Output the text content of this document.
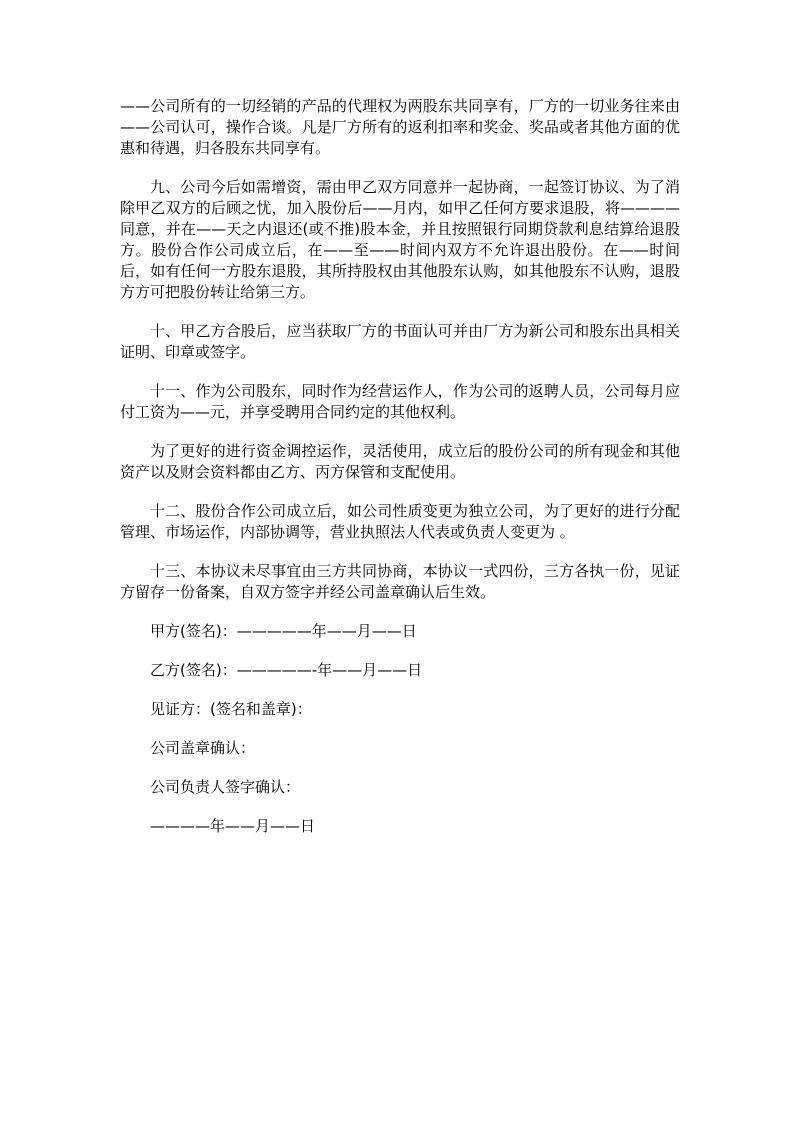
——公司所有的一切经销的产品的代理权为两股东共同享有，厂方的一切业务往来由——公司认可，操作合谈。凡是厂方所有的返利扣率和奖金、奖品或者其他方面的优惠和待遇，归各股东共同享有。

九、公司今后如需增资，需由甲乙双方同意并一起协商，一起签订协议、为了消除甲乙双方的后顾之忧，加入股份后——月内，如甲乙任何方要求退股，将————同意，并在——天之内退还(或不推)股本金，并且按照银行同期贷款利息结算给退股方。股份合作公司成立后，在——至——时间内双方不允许退出股份。在——时间后，如有任何一方股东退股，其所持股权由其他股东认购，如其他股东不认购，退股方方可把股份转让给第三方。

十、甲乙方合股后，应当获取厂方的书面认可并由厂方为新公司和股东出具相关证明、印章或签字。

十一、作为公司股东，同时作为经营运作人，作为公司的返聘人员，公司每月应付工资为——元，并享受聘用合同约定的其他权利。

为了更好的进行资金调控运作，灵活使用，成立后的股份公司的所有现金和其他资产以及财会资料都由乙方、丙方保管和支配使用。

十二、股份合作公司成立后，如公司性质变更为独立公司，为了更好的进行分配管理、市场运作，内部协调等，营业执照法人代表或负责人变更为 。

十三、本协议未尽事宜由三方共同协商，本协议一式四份，三方各执一份，见证方留存一份备案，自双方签字并经公司盖章确认后生效。

甲方(签名)：—————年——月——日

乙方(签名)：—————-年——月——日

见证方：(签名和盖章)：

公司盖章确认：

公司负责人签字确认：

————年——月——日
